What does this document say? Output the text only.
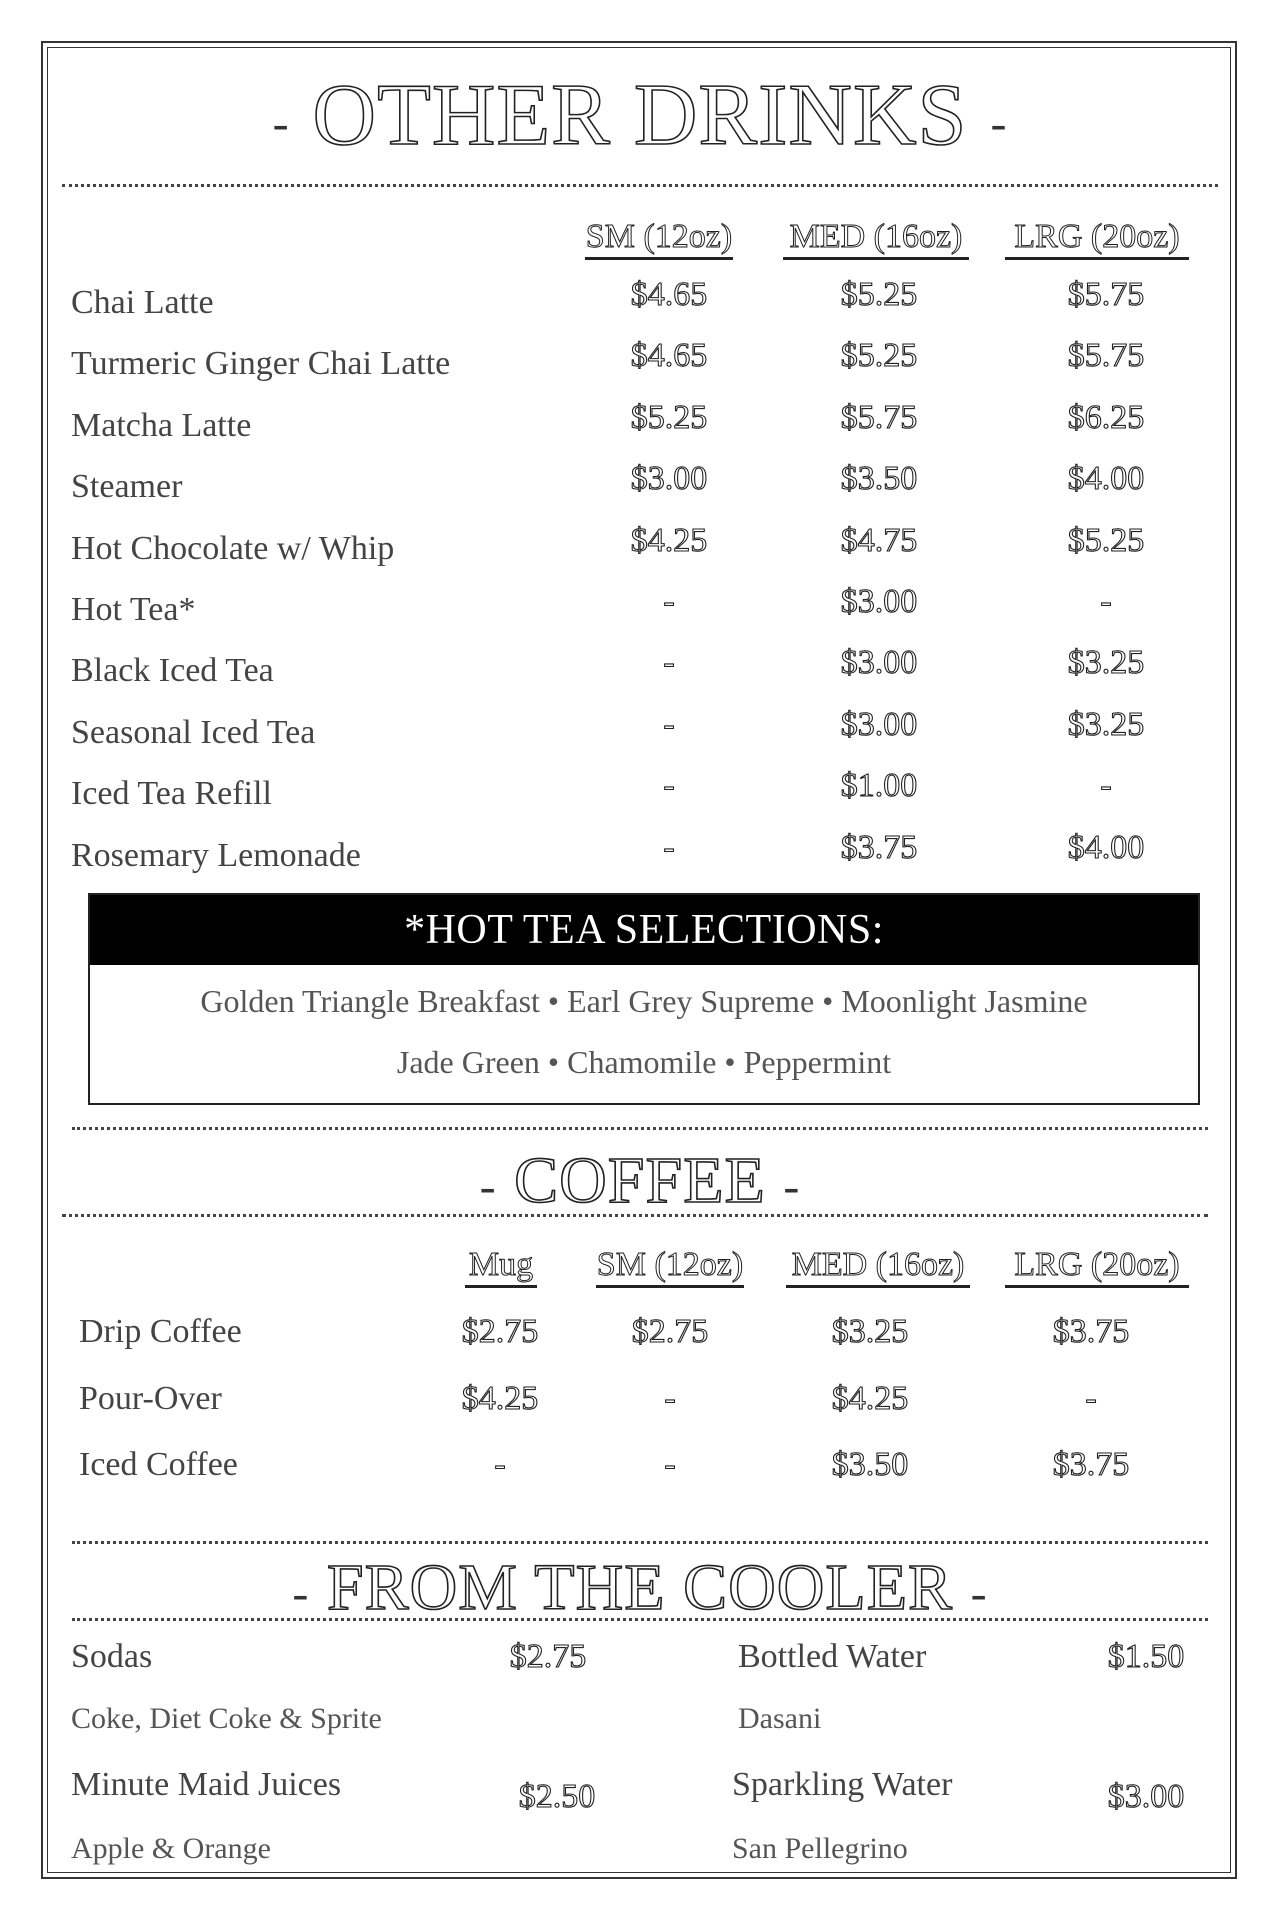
- OTHER DRINKS -
SM (12oz) MED (16oz) LRG (20oz)
Chai Latte	$4.65	$5.25	$5.75
Turmeric Ginger Chai Latte	$4.65	$5.25	$5.75
Matcha Latte	$5.25	$5.75	$6.25
Steamer	$3.00	$3.50	$4.00
Hot Chocolate w/ Whip	$4.25	$4.75	$5.25
Hot Tea*	-	$3.00	-
Black Iced Tea	-	$3.00	$3.25
Seasonal Iced Tea	-	$3.00	$3.25
Iced Tea Refill	-	$1.00	-
Rosemary Lemonade	-	$3.75	$4.00
*HOT TEA SELECTIONS:
Golden Triangle Breakfast • Earl Grey Supreme • Moonlight Jasmine
Jade Green • Chamomile • Peppermint
- COFFEE -
Mug SM (12oz) MED (16oz) LRG (20oz)
Drip Coffee	$2.75	$2.75	$3.25	$3.75
Pour-Over	$4.25	-	$4.25	-
Iced Coffee	-	-	$3.50	$3.75
- FROM THE COOLER -
Sodas	$2.75
Coke, Diet Coke & Sprite
Bottled Water	$1.50
Dasani
Minute Maid Juices	$2.50
Apple & Orange
Sparkling Water	$3.00
San Pellegrino
